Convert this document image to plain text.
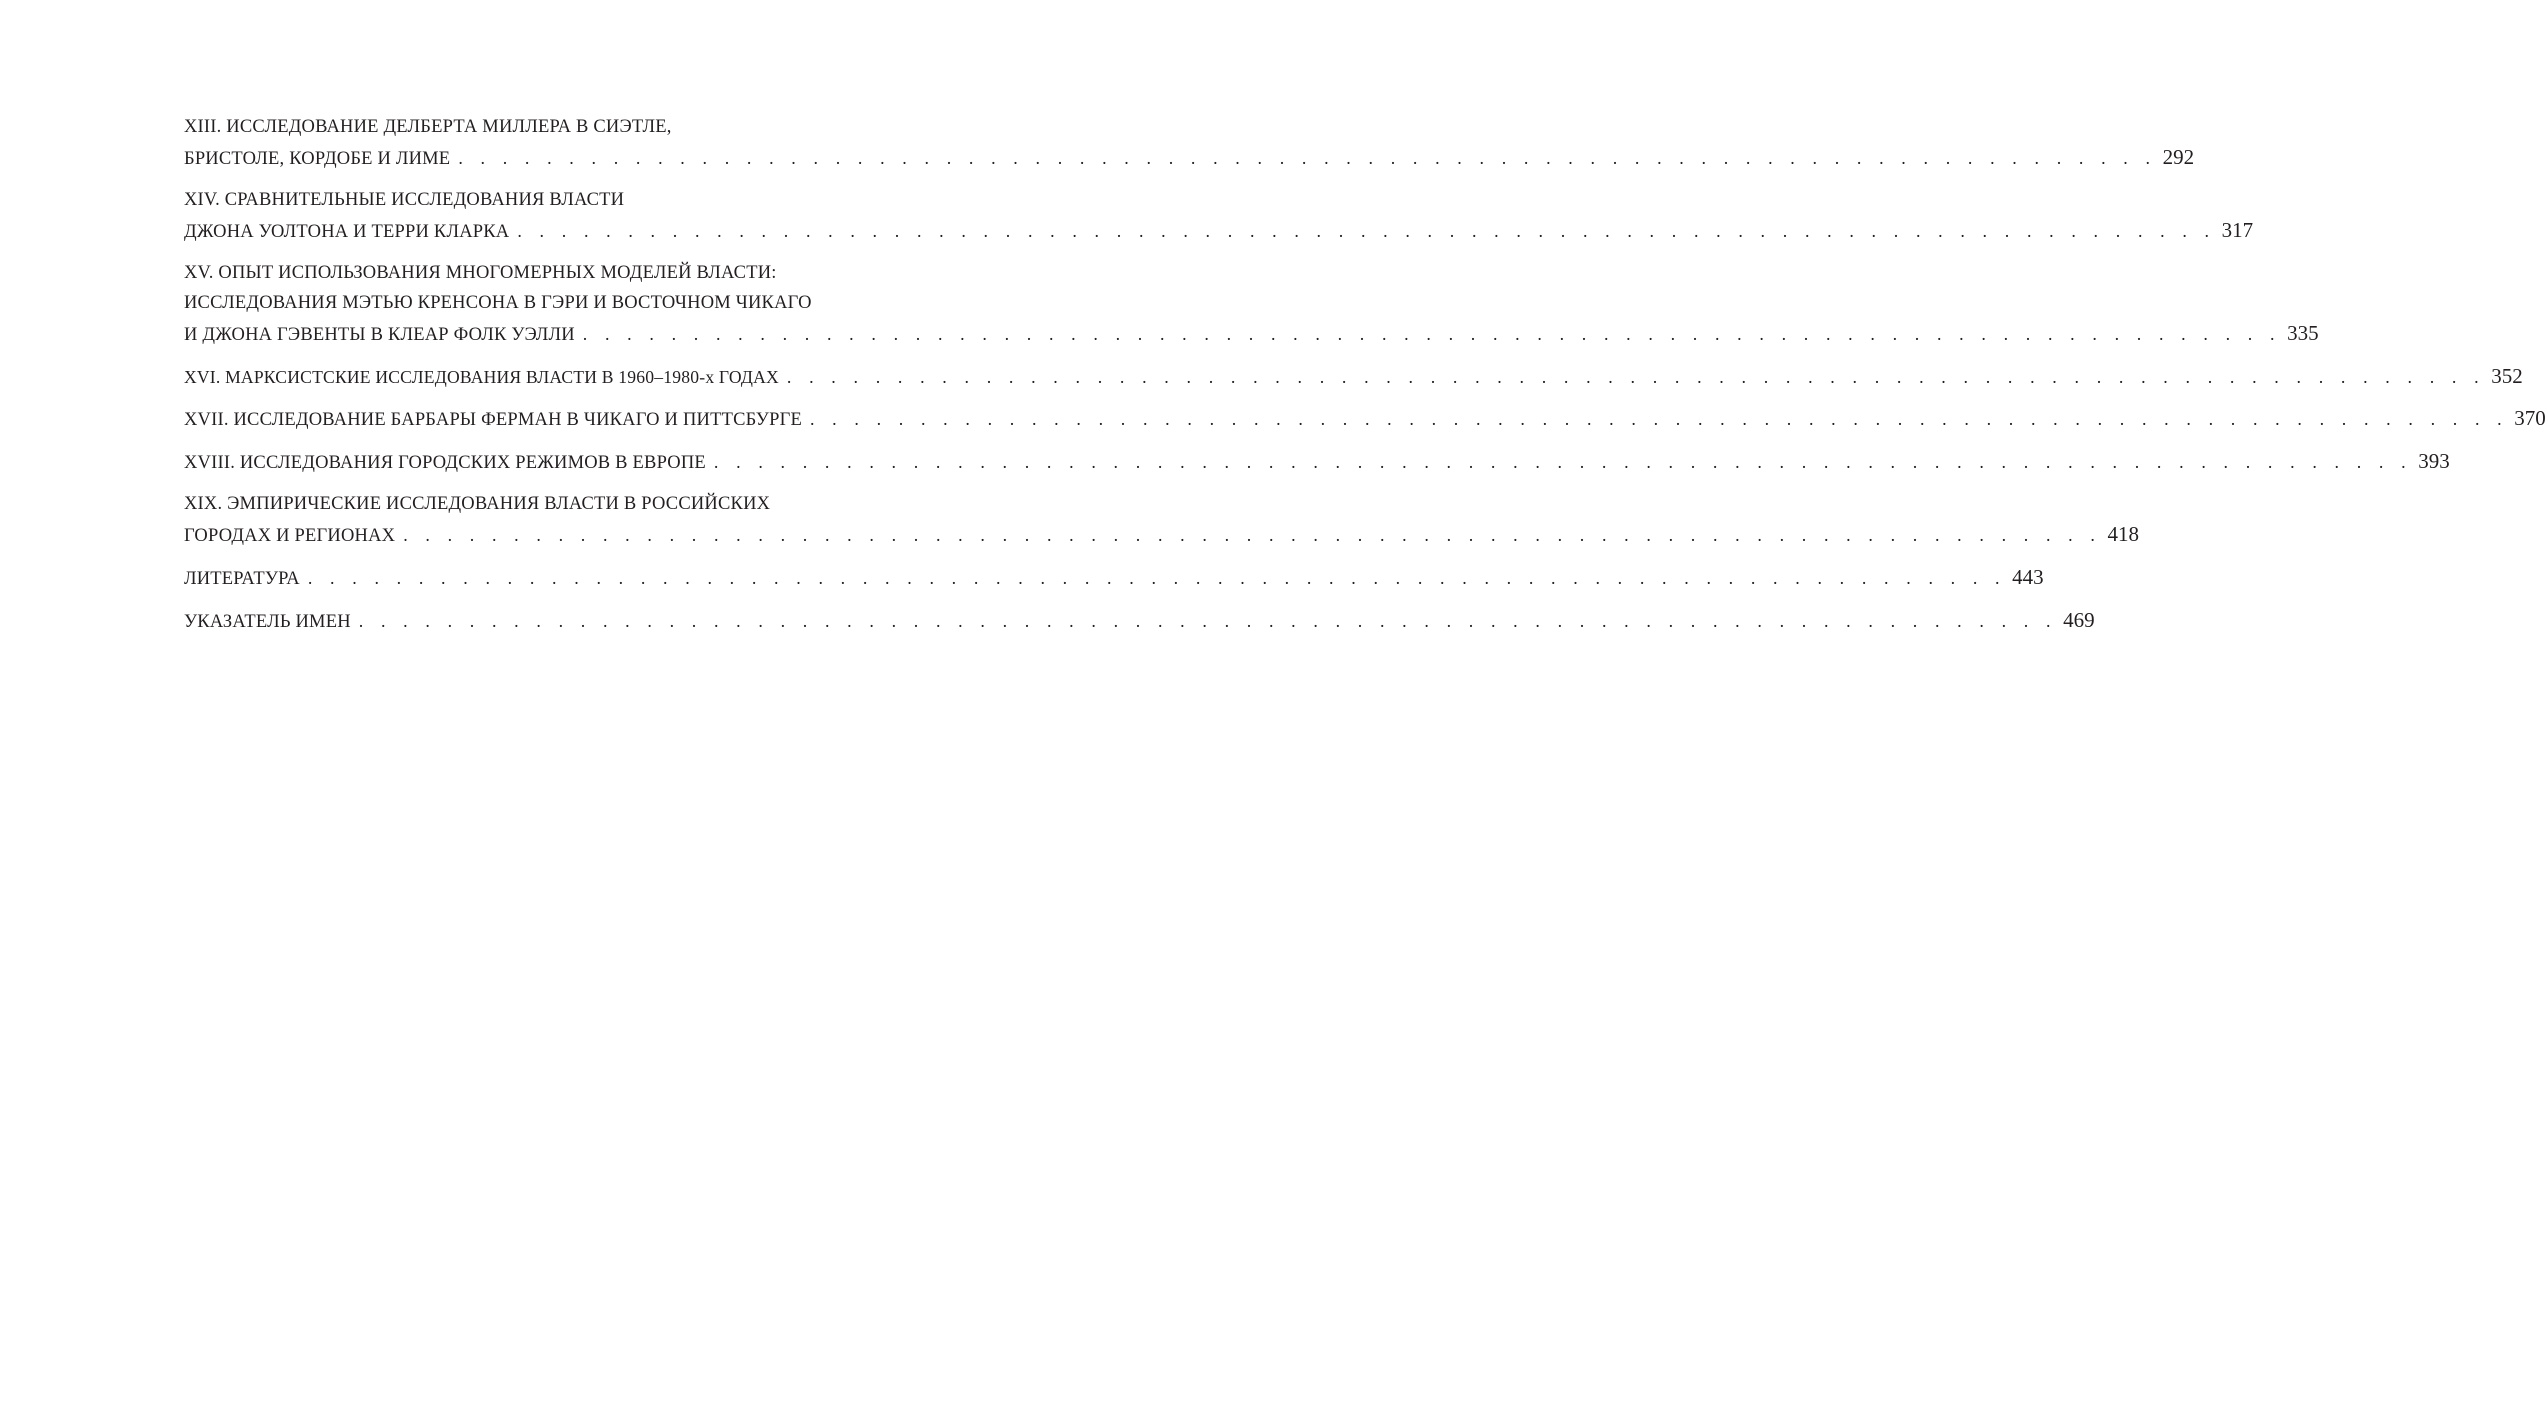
XIII. ИССЛЕДОВАНИЕ ДЕЛБЕРТА МИЛЛЕРА В СИЭТЛЕ,
БРИСТОЛЕ, КОРДОБЕ И ЛИМЕ . . . . . . . . . . . . . . . . . . . . . . . . . . . . . . . . . . . . . . . . . . . . . . . . . . . . . . . . . . . . . . . . . . . . . . . . . . . . . 292
XIV. СРАВНИТЕЛЬНЫЕ ИССЛЕДОВАНИЯ ВЛАСТИ
ДЖОНА УОЛТОНА И ТЕРРИ КЛАРКА . . . . . . . . . . . . . . . . . . . . . . . . . . . . . . . . . . . . . . . . . . . . . . . . . . . . . . . . . . . . . . . . . . . . . . . . . . . . . 317
XV. ОПЫТ ИСПОЛЬЗОВАНИЯ МНОГОМЕРНЫХ МОДЕЛЕЙ ВЛАСТИ:
ИССЛЕДОВАНИЯ МЭТЬЮ КРЕНСОНА В ГЭРИ И ВОСТОЧНОМ ЧИКАГО
И ДЖОНА ГЭВЕНТЫ В КЛЕАР ФОЛК УЭЛЛИ . . . . . . . . . . . . . . . . . . . . . . . . . . . . . . . . . . . . . . . . . . . . . . . . . . . . . . . . . . . . . . . . . . . . . . . . . . . . . 335
XVI. МАРКСИСТСКИЕ ИССЛЕДОВАНИЯ ВЛАСТИ В 1960–1980-х ГОДАХ . . . . . . . . . . . . . . . . . . . . . . . . . . . . . . . . . . . . . . . . . . . . . . . . . . . . . . . . . . . . . . . . . . . . . . . . . . . . . 352
XVII. ИССЛЕДОВАНИЕ БАРБАРЫ ФЕРМАН В ЧИКАГО И ПИТТСБУРГЕ . . . . . . . . . . . . . . . . . . . . . . . . . . . . . . . . . . . . . . . . . . . . . . . . . . . . . . . . . . . . . . . . . . . . . . . . . . . . . 370
XVIII. ИССЛЕДОВАНИЯ ГОРОДСКИХ РЕЖИМОВ В ЕВРОПЕ . . . . . . . . . . . . . . . . . . . . . . . . . . . . . . . . . . . . . . . . . . . . . . . . . . . . . . . . . . . . . . . . . . . . . . . . . . . . . 393
XIX. ЭМПИРИЧЕСКИЕ ИССЛЕДОВАНИЯ ВЛАСТИ В РОССИЙСКИХ
ГОРОДАХ И РЕГИОНАХ . . . . . . . . . . . . . . . . . . . . . . . . . . . . . . . . . . . . . . . . . . . . . . . . . . . . . . . . . . . . . . . . . . . . . . . . . . . . . 418
ЛИТЕРАТУРА . . . . . . . . . . . . . . . . . . . . . . . . . . . . . . . . . . . . . . . . . . . . . . . . . . . . . . . . . . . . . . . . . . . . . . . . . . . . . 443
УКАЗАТЕЛЬ ИМЕН . . . . . . . . . . . . . . . . . . . . . . . . . . . . . . . . . . . . . . . . . . . . . . . . . . . . . . . . . . . . . . . . . . . . . . . . . . . . . 469
